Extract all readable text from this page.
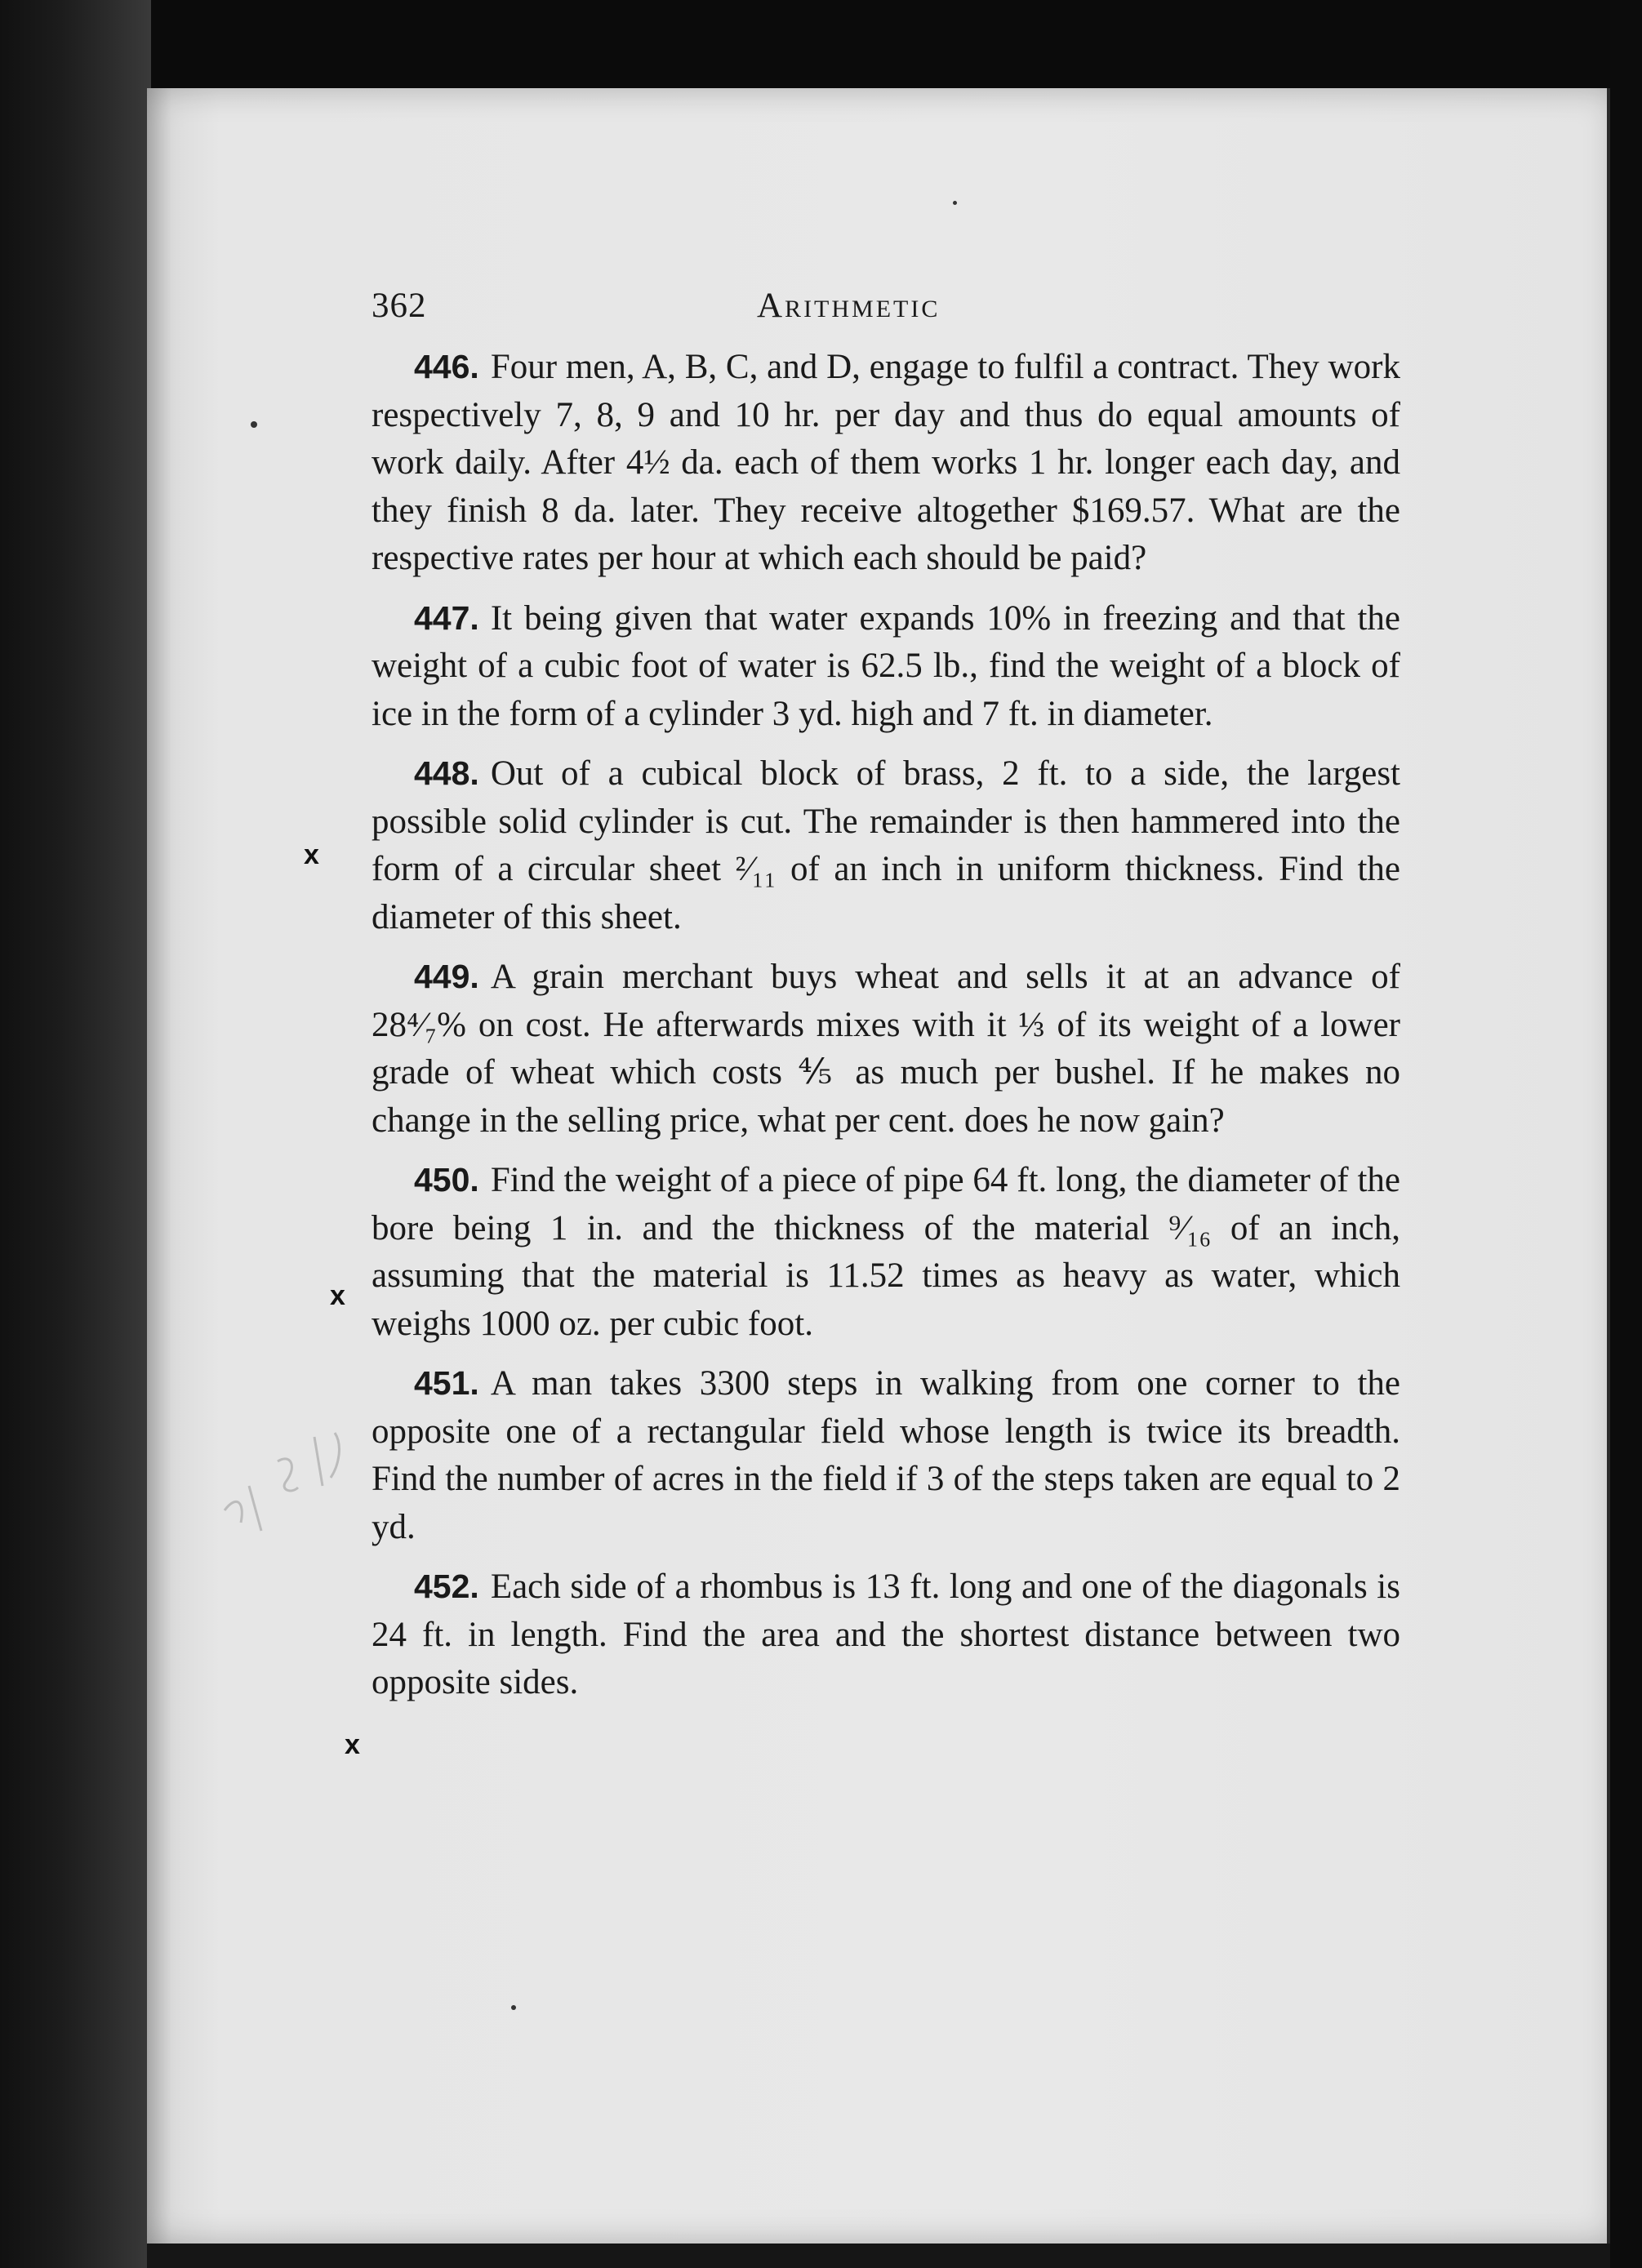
x
x
x
362	Arithmetic

446. Four men, A, B, C, and D, engage to fulfil a contract. They work respectively 7, 8, 9 and 10 hr. per day and thus do equal amounts of work daily. After 4½ da. each of them works 1 hr. longer each day, and they finish 8 da. later. They receive altogether $169.57. What are the respective rates per hour at which each should be paid?

447. It being given that water expands 10% in freezing and that the weight of a cubic foot of water is 62.5 lb., find the weight of a block of ice in the form of a cylinder 3 yd. high and 7 ft. in diameter.

448. Out of a cubical block of brass, 2 ft. to a side, the largest possible solid cylinder is cut. The remainder is then hammered into the form of a circular sheet ²⁄₁₁ of an inch in uniform thickness. Find the diameter of this sheet.

449. A grain merchant buys wheat and sells it at an advance of 28⁴⁄₇% on cost. He afterwards mixes with it ⅓ of its weight of a lower grade of wheat which costs ⅘ as much per bushel. If he makes no change in the selling price, what per cent. does he now gain?

450. Find the weight of a piece of pipe 64 ft. long, the diameter of the bore being 1 in. and the thickness of the material ⁹⁄₁₆ of an inch, assuming that the material is 11.52 times as heavy as water, which weighs 1000 oz. per cubic foot.

451. A man takes 3300 steps in walking from one corner to the opposite one of a rectangular field whose length is twice its breadth. Find the number of acres in the field if 3 of the steps taken are equal to 2 yd.

452. Each side of a rhombus is 13 ft. long and one of the diagonals is 24 ft. in length. Find the area and the shortest distance between two opposite sides.
